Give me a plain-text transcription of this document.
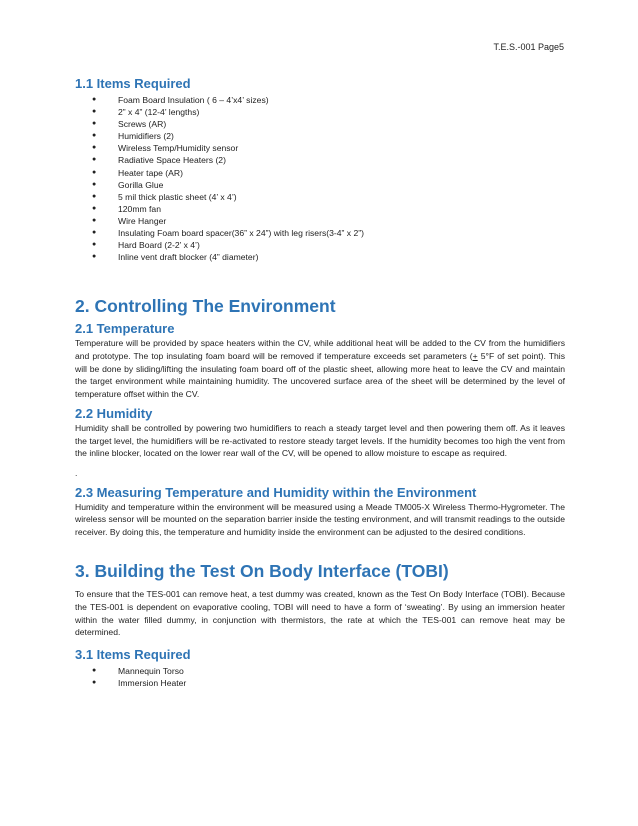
T.E.S.-001 Page5
1.1 Items Required
●	Foam Board Insulation ( 6 – 4’x4’ sizes)
●	2” x 4” (12-4’ lengths)
●	Screws (AR)
●	Humidifiers (2)
●	Wireless Temp/Humidity sensor
●	Radiative Space Heaters (2)
●	Heater tape (AR)
●	Gorilla Glue
●	5 mil thick plastic sheet (4’ x 4’)
●	120mm fan
●	Wire Hanger
●	Insulating Foam board spacer(36” x 24”) with leg risers(3-4” x 2”)
●	Hard Board (2-2’ x 4’)
●	Inline vent draft blocker (4” diameter)
2. Controlling The Environment
2.1 Temperature

Temperature will be provided by space heaters within the CV, while additional heat will be added to the CV from the humidifiers and prototype. The top insulating foam board will be removed if temperature exceeds set parameters (+ 5°F of set point). This will be done by sliding/lifting the insulating foam board off of the plastic sheet, allowing more heat to leave the CV and maintain the target environment while maintaining humidity. The uncovered surface area of the sheet will be determined by the level of temperature offset within the CV.

2.2 Humidity

Humidity shall be controlled by powering two humidifiers to reach a steady target level and then powering them off. As it leaves the target level, the humidifiers will be re-activated to restore steady target levels. If the humidity becomes too high the vent from the inline blocker, located on the lower rear wall of the CV, will be opened to allow moisture to escape as required.

.

2.3 Measuring Temperature and Humidity within the Environment

Humidity and temperature within the environment will be measured using a Meade TM005-X Wireless Thermo-Hygrometer. The wireless sensor will be mounted on the separation barrier inside the testing environment, and will transmit readings to the outside receiver. By doing this, the temperature and humidity inside the environment can be adjusted to the desired conditions.

3. Building the Test On Body Interface (TOBI)

To ensure that the TES-001 can remove heat, a test dummy was created, known as the Test On Body Interface (TOBI). Because the TES-001 is dependent on evaporative cooling, TOBI will need to have a form of ‘sweating’. By using an immersion heater within the water filled dummy, in conjunction with thermistors, the rate at which the TES-001 can remove heat may be determined.

3.1 Items Required
●	Mannequin Torso
●	Immersion Heater
